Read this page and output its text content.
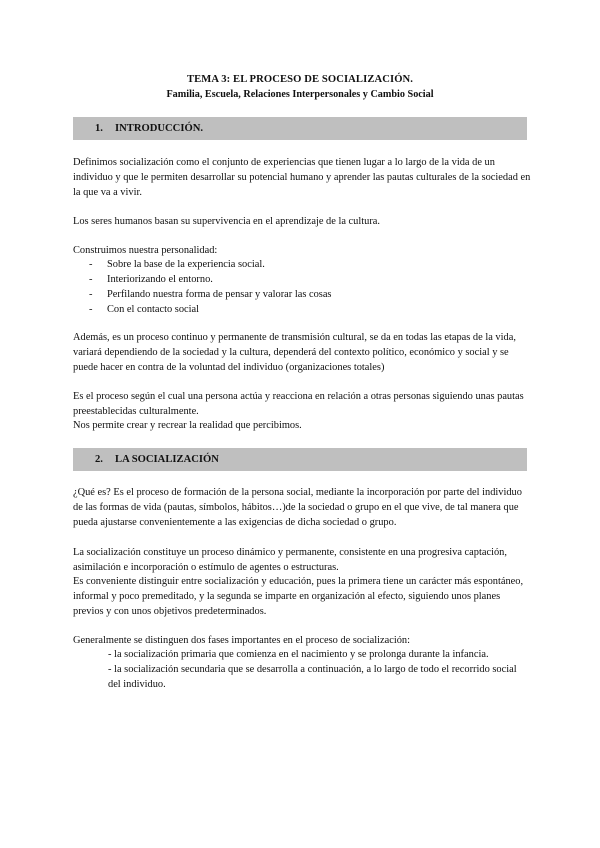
TEMA 3: EL PROCESO DE SOCIALIZACIÓN.
Familia, Escuela, Relaciones Interpersonales y Cambio Social
1. INTRODUCCIÓN.

Definimos socialización como el conjunto de experiencias que tienen lugar a lo largo de la vida de un individuo y que le permiten desarrollar su potencial humano y aprender las pautas culturales de la sociedad en la que va a vivir.

Los seres humanos basan su supervivencia en el aprendizaje de la cultura.

Construimos nuestra personalidad:

- Sobre la base de la experiencia social.
- Interiorizando el entorno.
- Perfilando nuestra forma de pensar y valorar las cosas
- Con el contacto social

Además, es un proceso continuo y permanente de transmisión cultural, se da en todas las etapas de la vida, variará dependiendo de la sociedad y la cultura, dependerá del contexto político, económico y social y se puede hacer en contra de la voluntad del individuo (organizaciones totales)

Es el proceso según el cual una persona actúa y reacciona en relación a otras personas siguiendo unas pautas preestablecidas culturalmente.

Nos permite crear y recrear la realidad que percibimos.

2. LA SOCIALIZACIÓN

¿Qué es? Es el proceso de formación de la persona social, mediante la incorporación por parte del individuo de las formas de vida (pautas, símbolos, hábitos…)de la sociedad o grupo en el que vive, de tal manera que pueda ajustarse convenientemente a las exigencias de dicha sociedad o grupo.

La socialización constituye un proceso dinámico y permanente, consistente en una progresiva captación, asimilación e incorporación o estímulo de agentes o estructuras.

Es conveniente distinguir entre socialización y educación, pues la primera tiene un carácter más espontáneo, informal y poco premeditado, y la segunda se imparte en organización al efecto, siguiendo unos planes previos y con unos objetivos predeterminados.

Generalmente se distinguen dos fases importantes en el proceso de socialización:

- la socialización primaria que comienza en el nacimiento y se prolonga durante la infancia.
- la socialización secundaria que se desarrolla a continuación, a lo largo de todo el recorrido social del individuo.
